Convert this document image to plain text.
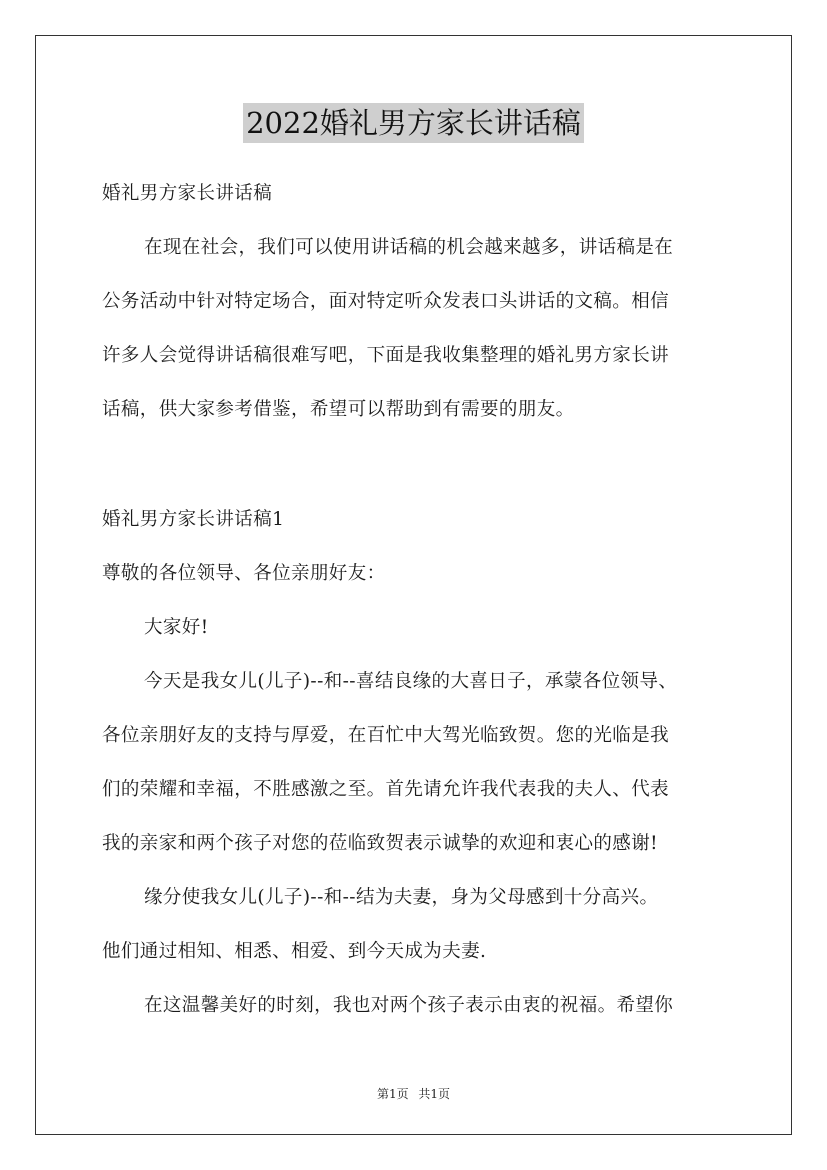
2022婚礼男方家长讲话稿
婚礼男方家长讲话稿
在现在社会，我们可以使用讲话稿的机会越来越多，讲话稿是在
公务活动中针对特定场合，面对特定听众发表口头讲话的文稿。相信
许多人会觉得讲话稿很难写吧，下面是我收集整理的婚礼男方家长讲
话稿，供大家参考借鉴，希望可以帮助到有需要的朋友。
婚礼男方家长讲话稿1
尊敬的各位领导、各位亲朋好友：
大家好!
今天是我女儿(儿子)--和--喜结良缘的大喜日子，承蒙各位领导、
各位亲朋好友的支持与厚爱，在百忙中大驾光临致贺。您的光临是我
们的荣耀和幸福，不胜感激之至。首先请允许我代表我的夫人、代表
我的亲家和两个孩子对您的莅临致贺表示诚挚的欢迎和衷心的感谢!
缘分使我女儿(儿子)--和--结为夫妻，身为父母感到十分高兴。
他们通过相知、相悉、相爱、到今天成为夫妻.
在这温馨美好的时刻，我也对两个孩子表示由衷的祝福。希望你
第1页 共1页
